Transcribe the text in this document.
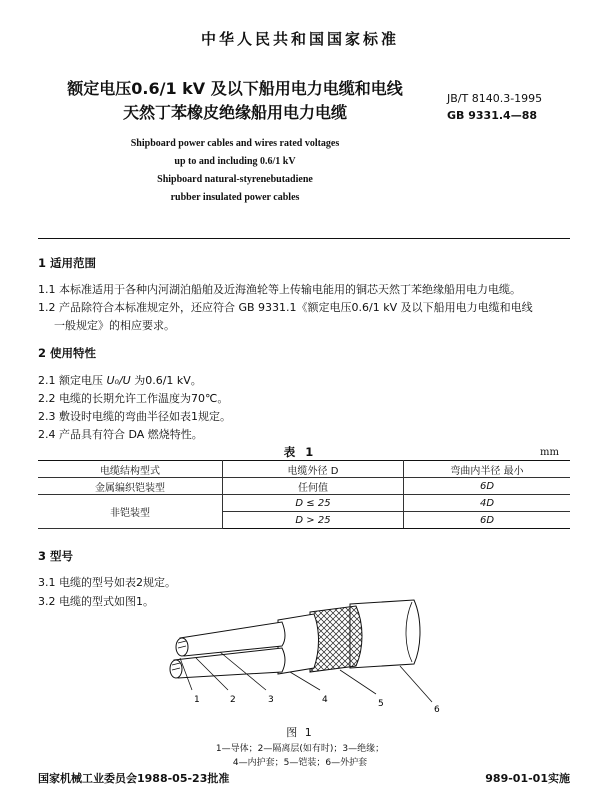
中华人民共和国国家标准
额定电压0.6/1 kV 及以下船用电力电缆和电线
天然丁苯橡皮绝缘船用电力电缆
JB/T 8140.3-1995
GB 9331.4—88
Shipboard power cables and wires rated voltages
up to and including 0.6/1 kV
Shipboard natural-styrenebutadiene
rubber insulated power cables
1 适用范围
1.1 本标准适用于各种内河湖泊船舶及近海渔轮等上传输电能用的铜芯天然丁苯绝缘船用电力电缆。
1.2 产品除符合本标准规定外，还应符合 GB 9331.1《额定电压0.6/1 kV 及以下船用电力电缆和电线
一般规定》的相应要求。
2 使用特性
2.1 额定电压 U₀/U 为0.6/1 kV。
2.2 电缆的长期允许工作温度为70℃。
2.3 敷设时电缆的弯曲半径如表1规定。
2.4 产品具有符合 DA 燃烧特性。
表 1	mm
电缆结构型式	电缆外径 D	弯曲内半径 最小
金属编织铠装型	任何值	6D
非铠装型	D ≤ 25	4D
	D > 25	6D
3 型号
3.1 电缆的型号如表2规定。
3.2 电缆的型式如图1。
1	2	3	4	5
6
图 1
1—导体；2—隔离层(如有时)；3—绝缘；
4—内护套；5—铠装；6—外护套
国家机械工业委员会1988-05-23批准	989-01-01实施
